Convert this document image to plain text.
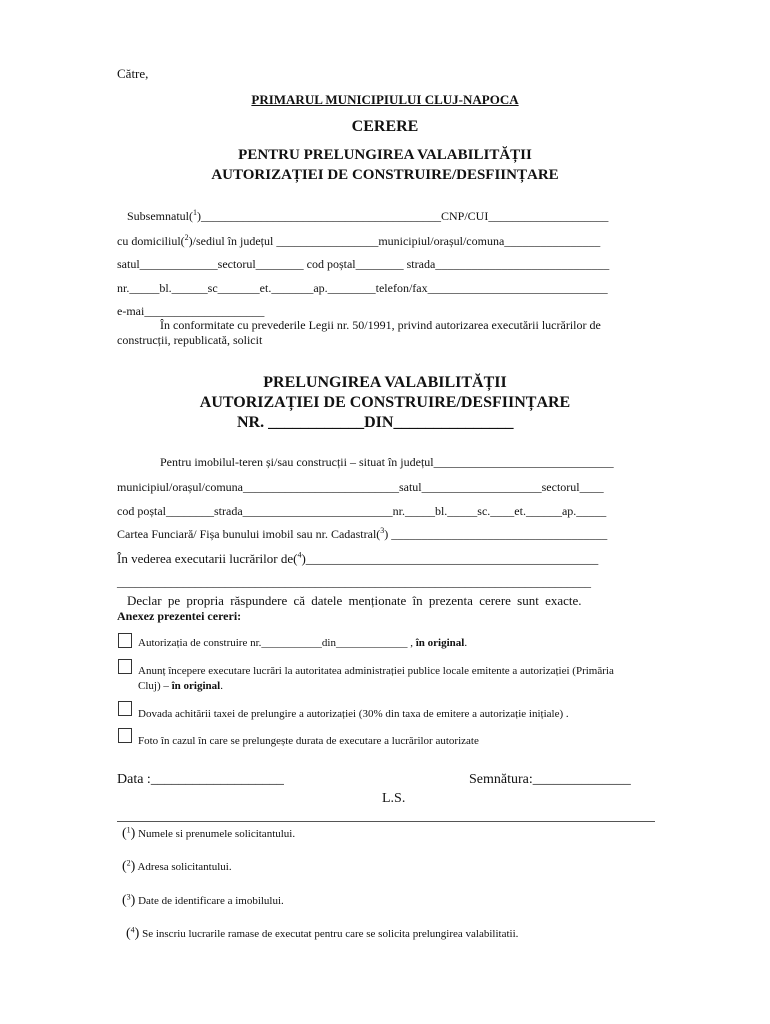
Către,
PRIMARUL MUNICIPIULUI CLUJ-NAPOCA
CERERE
PENTRU PRELUNGIREA VALABILITĂȚII
AUTORIZAȚIEI DE CONSTRUIRE/DESFIINȚARE
Subsemnatul($^1$)________________________________________CNP/CUI____________________
cu domiciliul($^2$)/sediul în județul _________________municipiul/orașul/comuna________________
satul_____________sectorul________ cod poștal________ strada_____________________________
nr._____bl.______sc_______et._______ap.________telefon/fax______________________________
e-mai____________________
În conformitate cu prevederile Legii nr. 50/1991, privind autorizarea executării lucrărilor de
construcții, republicată, solicit
PRELUNGIREA VALABILITĂȚII
AUTORIZAȚIEI DE CONSTRUIRE/DESFIINȚARE
NR. ____________DIN_______________
Pentru imobilul-teren și/sau construcții – situat în județul______________________________
municipiul/orașul/comuna__________________________satul____________________sectorul____
cod poștal________strada_________________________nr._____bl._____sc.____et.______ap._____
Cartea Funciară/ Fișa bunului imobil sau nr. Cadastral($^3$) ____________________________________
În vederea executarii lucrărilor de($^4$)_____________________________________________
_______________________________________________________________________________
Declar pe propria răspundere că datele menționate în prezenta cerere sunt exacte.
Anexez prezentei cereri:
Autorizația de construire nr.___________din_____________ , în original.
Anunț începere executare lucrări la autoritatea administrației publice locale emitente a autorizației (Primăria
Cluj) – în original.
Dovada achitării taxei de prelungire a autorizației (30% din taxa de emitere a autorizație inițiale) .
Foto în cazul în care se prelungește durata de executare a lucrărilor autorizate
Data :___________________	Semnătura:______________
L.S.
($^1$) Numele si prenumele solicitantului.
($^2$) Adresa solicitantului.
($^3$) Date de identificare a imobilului.
($^4$) Se inscriu lucrarile ramase de executat pentru care se solicita prelungirea valabilitatii.
